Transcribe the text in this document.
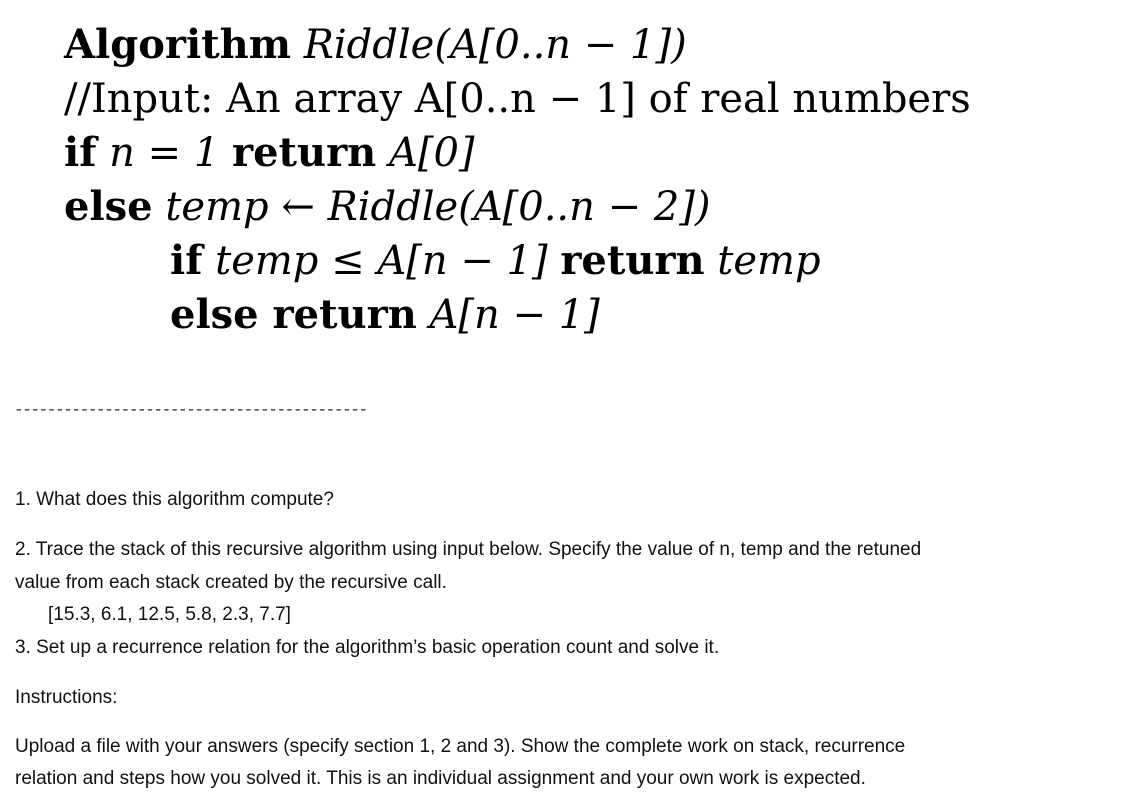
Algorithm Riddle(A[0..n − 1])
//Input: An array A[0..n − 1] of real numbers
if n = 1 return A[0]
else temp ← Riddle(A[0..n − 2])
if temp ≤ A[n − 1] return temp
else return A[n − 1]
-------------------------------------------
1. What does this algorithm compute?
2. Trace the stack of this recursive algorithm using input below. Specify the value of n, temp and the retuned
value from each stack created by the recursive call.
[15.3, 6.1, 12.5, 5.8, 2.3, 7.7]
3. Set up a recurrence relation for the algorithm’s basic operation count and solve it.
Instructions:
Upload a file with your answers (specify section 1, 2 and 3). Show the complete work on stack, recurrence
relation and steps how you solved it. This is an individual assignment and your own work is expected.
